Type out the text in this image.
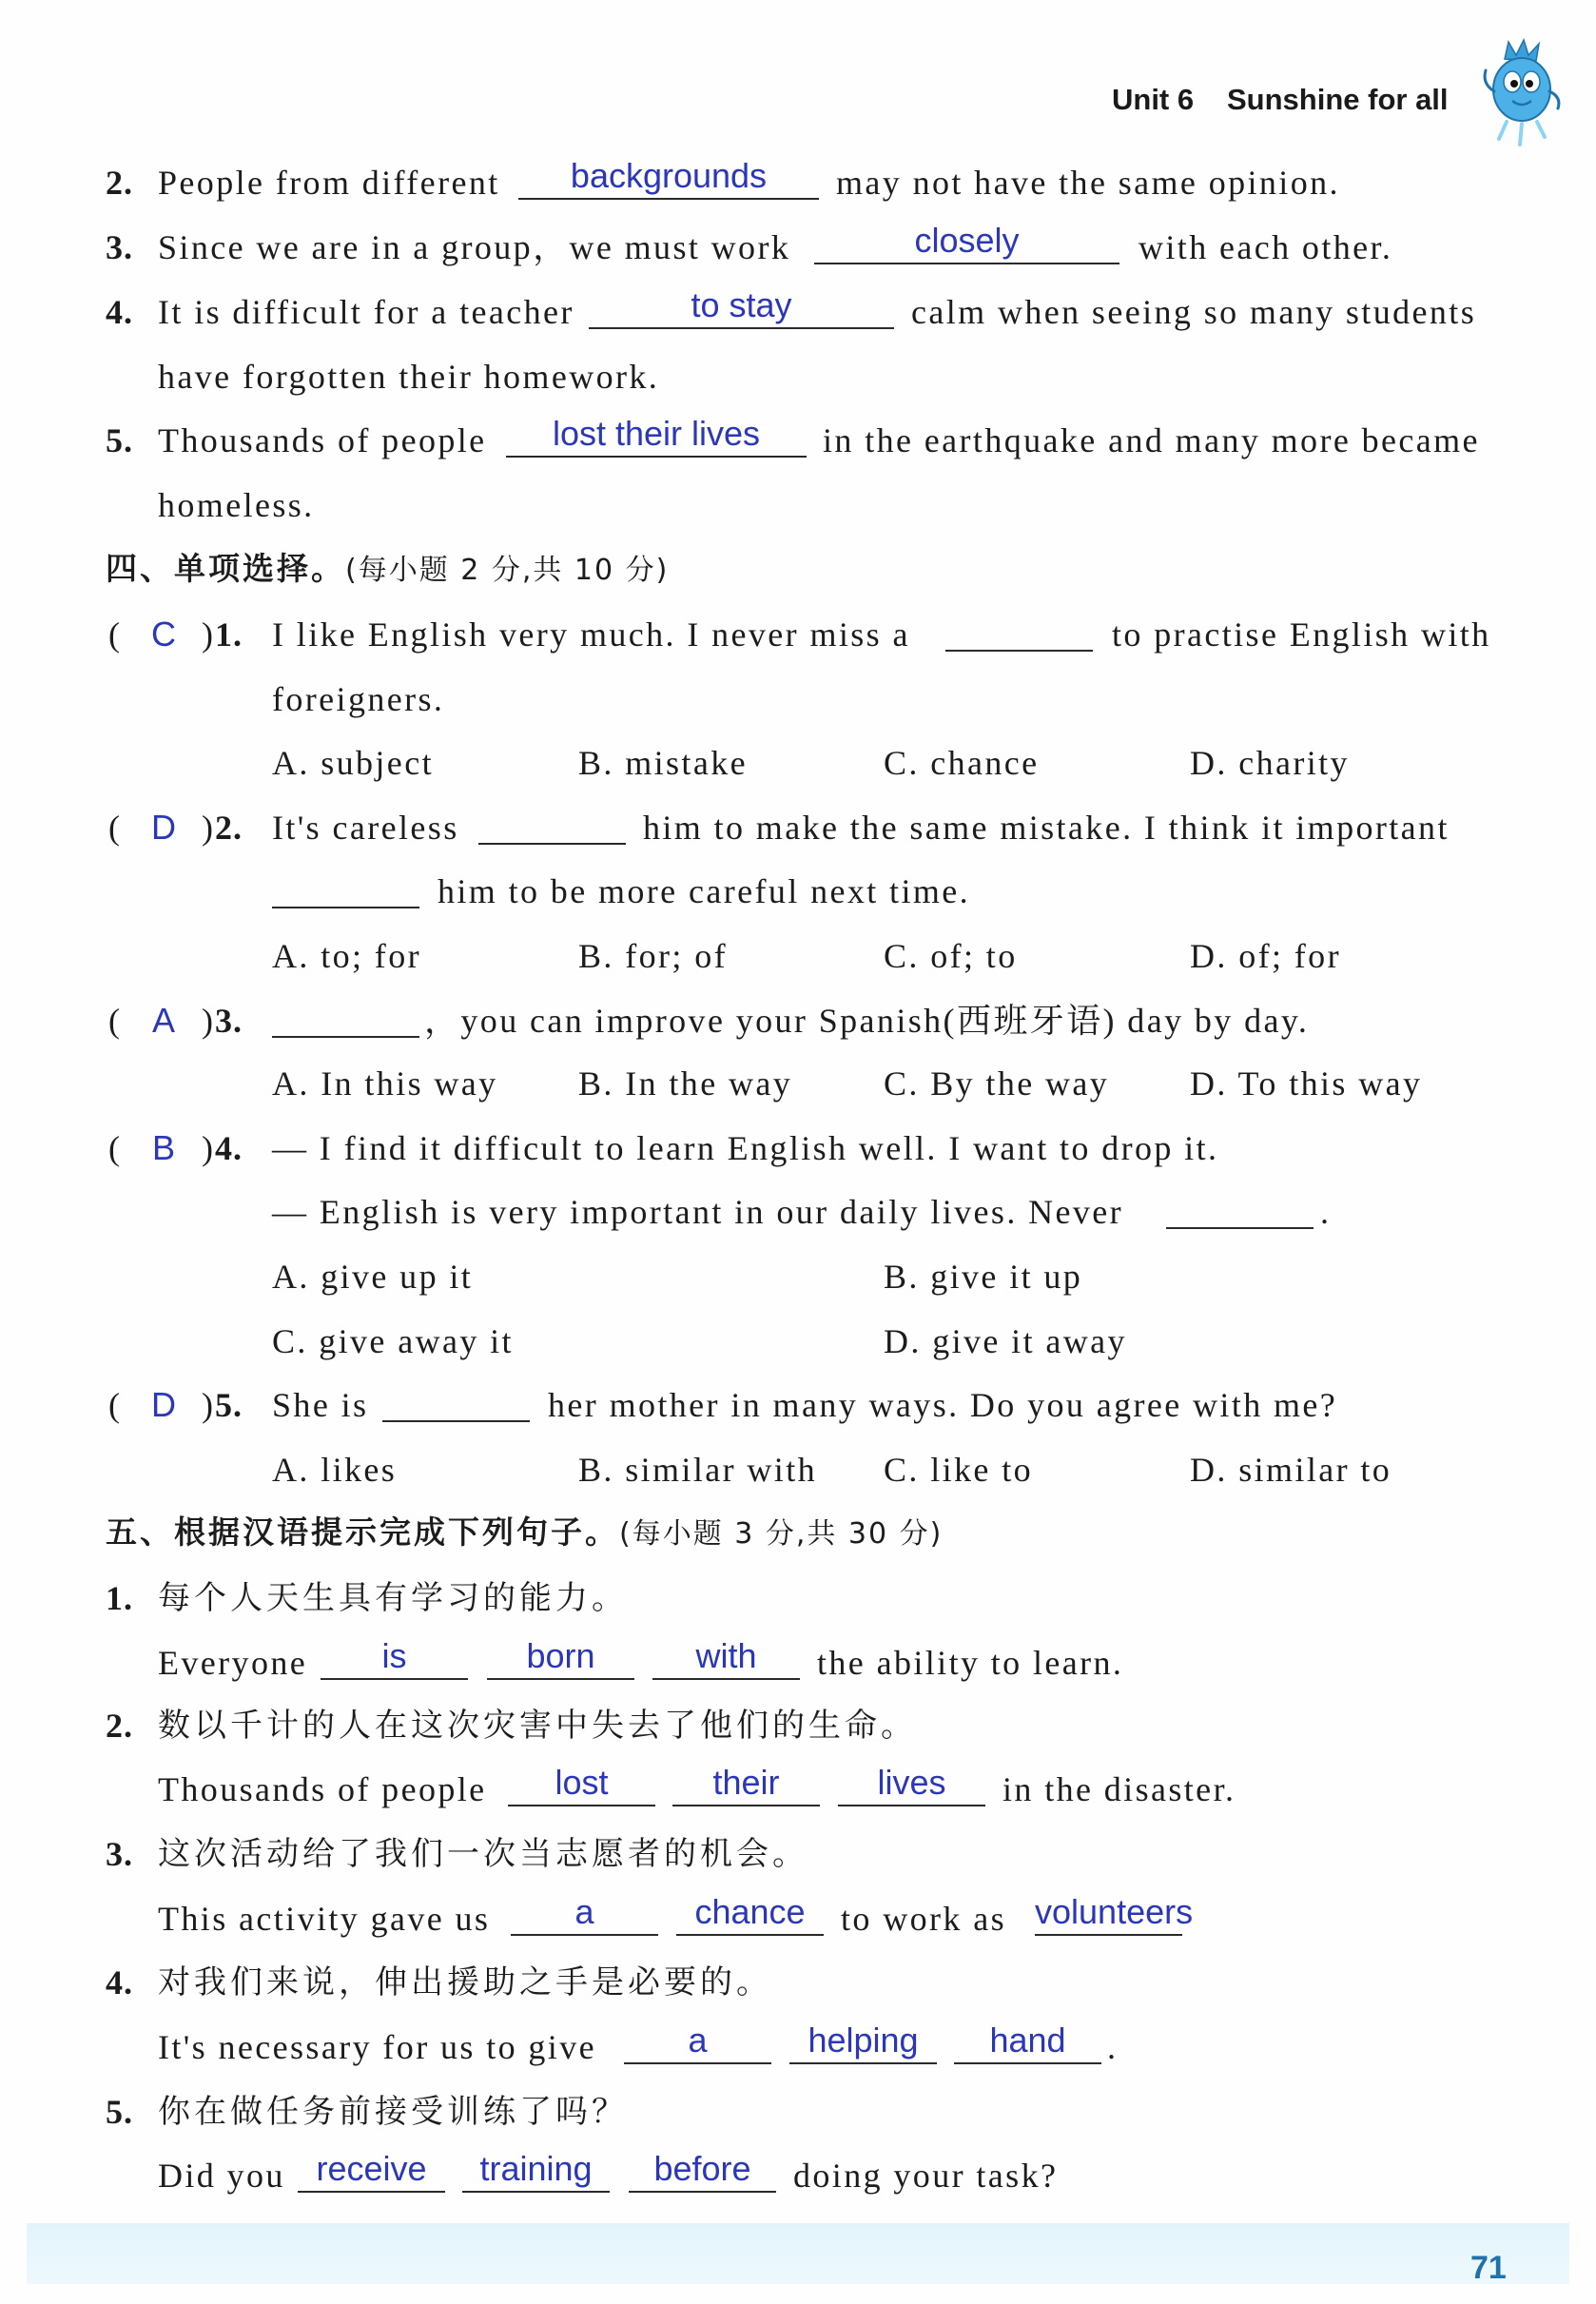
Unit 6 Sunshine for all
2. People from different	backgrounds	may not have the same opinion.
3. Since we are in a group，we must work	closely	with each other.
4. It is difficult for a teacher	to stay	calm when seeing so many students
have forgotten their homework.
5. Thousands of people	lost their lives	in the earthquake and many more became
homeless.
四、单项选择。(每小题 2 分,共 10 分)
( C ) 1. I like English very much. I never miss a	to practise English with
foreigners.
A. subject	B. mistake	C. chance	D. charity
( D ) 2. It's careless	him to make the same mistake. I think it important
him to be more careful next time.
A. to; for	B. for; of	C. of; to	D. of; for
( A ) 3.	，you can improve your Spanish(西班牙语) day by day.
A. In this way B. In the way	C. By the way D. To this way
( B ) 4. — I find it difficult to learn English well. I want to drop it.
— English is very important in our daily lives. Never	.
A. give up it	B. give it up
C. give away it	D. give it away
( D ) 5. She is	her mother in many ways. Do you agree with me?
A. likes	B. similar with C. like to	D. similar to
五、根据汉语提示完成下列句子。(每小题 3 分,共 30 分)
1. 每个人天生具有学习的能力。
Everyone	is	born	with	the ability to learn.
2. 数以千计的人在这次灾害中失去了他们的生命。
Thousands of people	lost	their	lives	in the disaster.
3. 这次活动给了我们一次当志愿者的机会。
This activity gave us	a	chance	to work as volunteers
4. 对我们来说，伸出援助之手是必要的。
It's necessary for us to give	a	helping	hand	.
5. 你在做任务前接受训练了吗？
Did you receive	training	before	doing your task?
71
